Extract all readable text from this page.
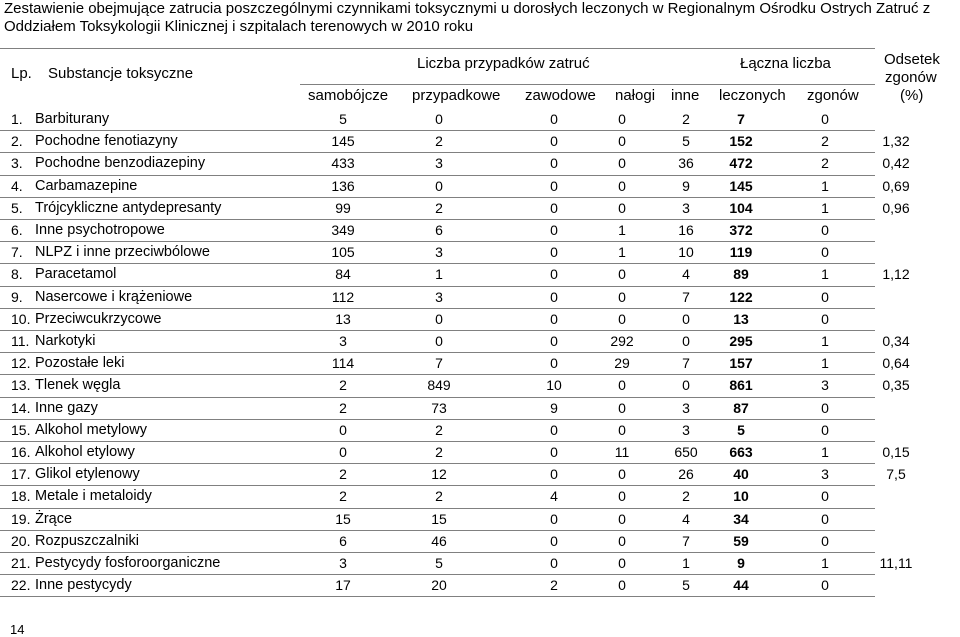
Zestawienie obejmujące zatrucia poszczególnymi czynnikami toksycznymi u dorosłych leczonych w Regionalnym Ośrodku Ostrych Zatruć z Oddziałem Toksykologii Klinicznej i szpitalach terenowych w 2010 roku
Lp. Substancje toksyczne
Liczba przypadków zatruć	Łączna liczba	Odsetek
zgonów
(%)
samobójcze przypadkowe zawodowe nałogi inne leczonych zgonów
1. Barbiturany	5	0	0	0	2	7	0
2. Pochodne fenotiazyny	145	2	0	0	5	152	2	1,32
3. Pochodne benzodiazepiny	433	3	0	0	36	472	2	0,42
4. Carbamazepine	136	0	0	0	9	145	1	0,69
5. Trójcykliczne antydepresanty	99	2	0	0	3	104	1	0,96
6. Inne psychotropowe	349	6	0	1	16	372	0
7. NLPZ i inne przeciwbólowe	105	3	0	1	10	119	0
8. Paracetamol	84	1	0	0	4	89	1	1,12
9. Nasercowe i krążeniowe	112	3	0	0	7	122	0
10. Przeciwcukrzycowe	13	0	0	0	0	13	0
11. Narkotyki	3	0	0	292	0	295	1	0,34
12. Pozostałe leki	114	7	0	29	7	157	1	0,64
13. Tlenek węgla	2	849	10	0	0	861	3	0,35
14. Inne gazy	2	73	9	0	3	87	0
15. Alkohol metylowy	0	2	0	0	3	5	0
16. Alkohol etylowy	0	2	0	11	650	663	1	0,15
17. Glikol etylenowy	2	12	0	0	26	40	3	7,5
18. Metale i metaloidy	2	2	4	0	2	10	0
19. Żrące	15	15	0	0	4	34	0
20. Rozpuszczalniki	6	46	0	0	7	59	0
21. Pestycydy fosforoorganiczne	3	5	0	0	1	9	1	11,11
22. Inne pestycydy	17	20	2	0	5	44	0
14
